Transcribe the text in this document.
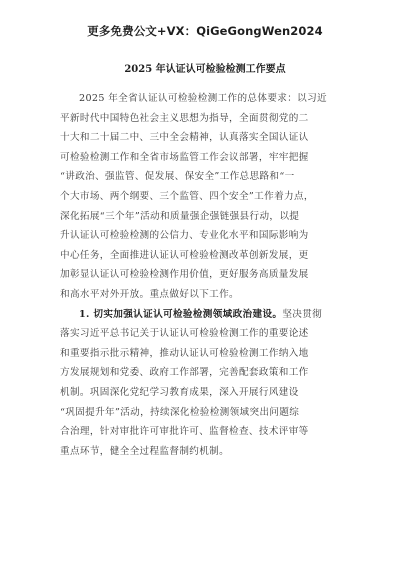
更多免费公文+VX：QiGeGongWen2024
2025 年认证认可检验检测工作要点
2025 年全省认证认可检验检测工作的总体要求：以习近
平新时代中国特色社会主义思想为指导，全面贯彻党的二
十大和二十届二中、三中全会精神，认真落实全国认证认
可检验检测工作和全省市场监管工作会议部署，牢牢把握
“讲政治、强监管、促发展、保安全”工作总思路和“一
个大市场、两个纲要、三个监管、四个安全”工作着力点，
深化拓展“三个年”活动和质量强企强链强县行动，以提
升认证认可检验检测的公信力、专业化水平和国际影响为
中心任务，全面推进认证认可检验检测改革创新发展，更
加彰显认证认可检验检测作用价值，更好服务高质量发展
和高水平对外开放。重点做好以下工作。
1. 切实加强认证认可检验检测领域政治建设。坚决贯彻
落实习近平总书记关于认证认可检验检测工作的重要论述
和重要指示批示精神，推动认证认可检验检测工作纳入地
方发展规划和党委、政府工作部署，完善配套政策和工作
机制。巩固深化党纪学习教育成果，深入开展行风建设
“巩固提升年”活动，持续深化检验检测领域突出问题综
合治理，针对审批许可审批许可、监督检查、技术评审等
重点环节，健全全过程监督制约机制。
